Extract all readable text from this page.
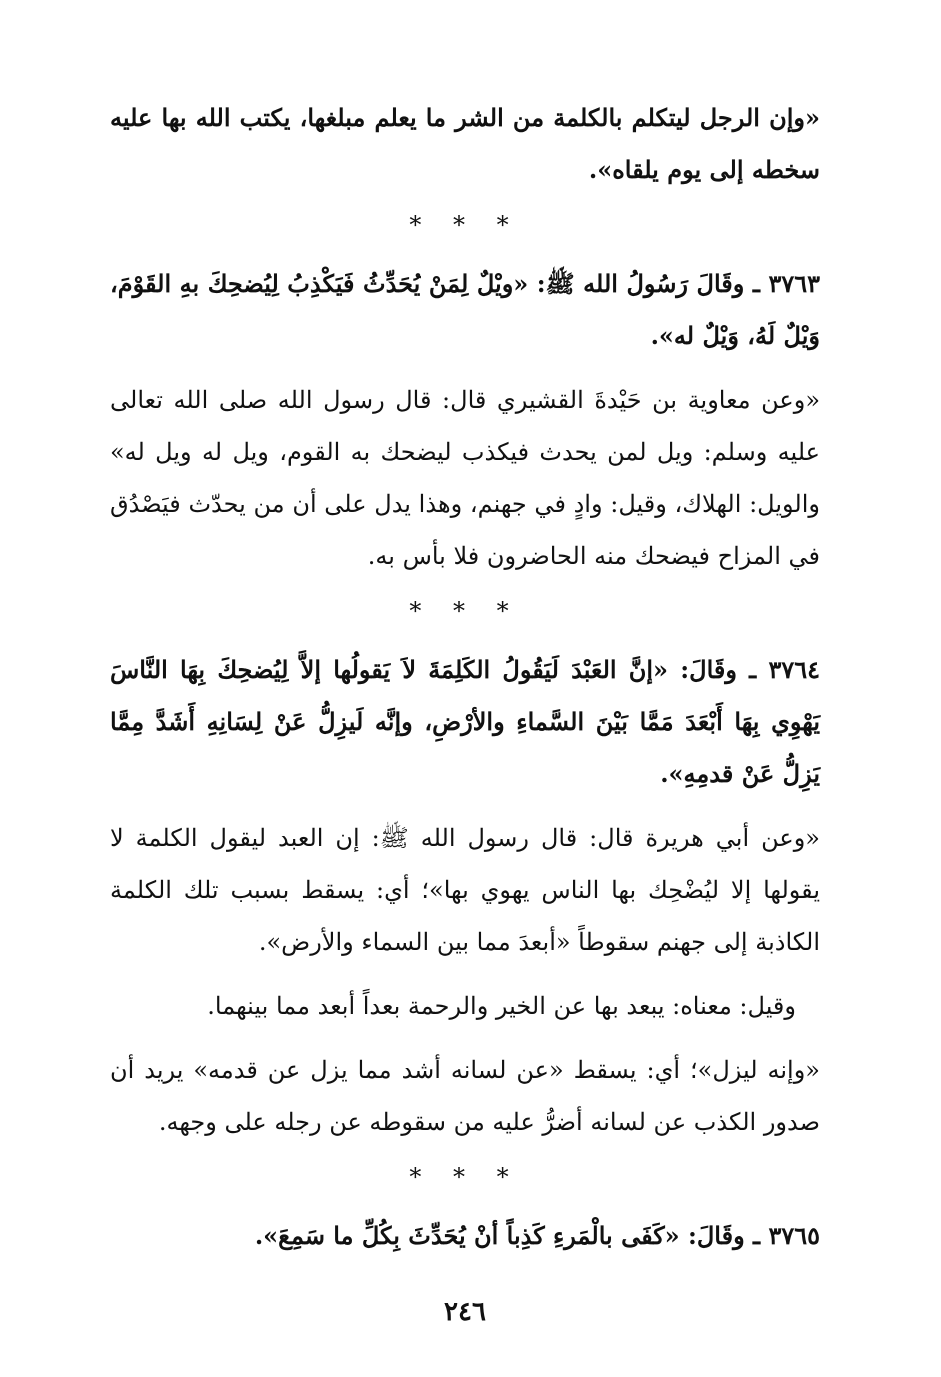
«وإن الرجل ليتكلم بالكلمة من الشر ما يعلم مبلغها، يكتب الله بها عليه سخطه إلى يوم يلقاه».

* * *

٣٧٦٣ ـ وقَالَ رَسُولُ الله ﷺ: «ويْلٌ لِمَنْ يُحَدِّثُ فَيَكْذِبُ لِيُضحِكَ بهِ القَوْمَ، وَيْلٌ لَهُ، وَيْلٌ له».

«وعن معاوية بن حَيْدةَ القشيري قال: قال رسول الله صلى الله تعالى عليه وسلم: ويل لمن يحدث فيكذب ليضحك به القوم، ويل له ويل له» والويل: الهلاك، وقيل: وادٍ في جهنم، وهذا يدل على أن من يحدّث فيَصْدُق في المزاح فيضحك منه الحاضرون فلا بأس به.

* * *

٣٧٦٤ ـ وقَالَ: «إنَّ العَبْدَ لَيَقُولُ الكَلِمَةَ لاَ يَقولُها إلاَّ لِيُضحِكَ بِهَا النَّاسَ يَهْوِي بِهَا أَبْعَدَ مَمَّا بَيْنَ السَّماءِ والأرْضِ، وإنَّه لَيزِلُّ عَنْ لِسَانِهِ أَشَدَّ مِمَّا يَزِلُّ عَنْ قدمِهِ».

«وعن أبي هريرة قال: قال رسول الله ﷺ: إن العبد ليقول الكلمة لا يقولها إلا ليُضْحِك بها الناس يهوي بها»؛ أي: يسقط بسبب تلك الكلمة الكاذبة إلى جهنم سقوطاً «أبعدَ مما بين السماء والأرض».

وقيل: معناه: يبعد بها عن الخير والرحمة بعداً أبعد مما بينهما.

«وإنه ليزل»؛ أي: يسقط «عن لسانه أشد مما يزل عن قدمه» يريد أن صدور الكذب عن لسانه أضرُّ عليه من سقوطه عن رجله على وجهه.

* * *

٣٧٦٥ ـ وقَالَ: «كَفَى بالْمَرءِ كَذِباً أنْ يُحَدِّثَ بِكُلِّ ما سَمِعَ».

٢٤٦
